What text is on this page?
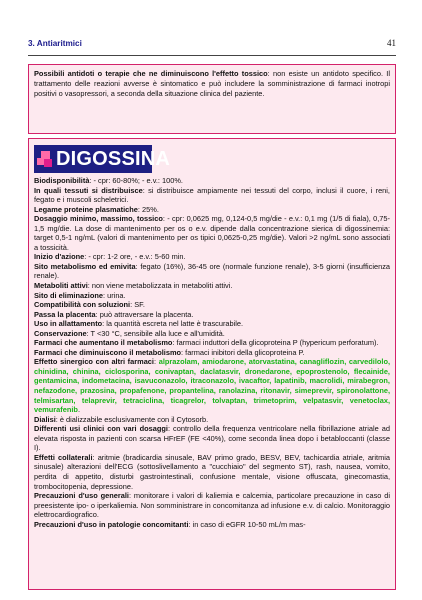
3. Antiaritmici	41
Possibili antidoti o terapie che ne diminuiscono l'effetto tossico: non esiste un antidoto specifico. Il trattamento delle reazioni avverse è sintomatico e può includere la somministrazione di farmaci inotropi positivi o vasopressori, a seconda della situazione clinica del paziente.
DIGOSSINA
Biodisponibilità: - cpr: 60-80%; - e.v.: 100%.
In quali tessuti si distribuisce: si distribuisce ampiamente nei tessuti del corpo, inclusi il cuore, i reni, fegato e i muscoli scheletrici.
Legame proteine plasmatiche: 25%.
Dosaggio minimo, massimo, tossico: - cpr: 0,0625 mg, 0,124-0,5 mg/die - e.v.: 0,1 mg (1/5 di fiala), 0,75-1,5 mg/die. La dose di mantenimento per os o e.v. dipende dalla concentrazione sierica di digossinemia: target 0,5-1 ng/mL (valori di mantenimento per os tipici 0,0625-0,25 mg/die). Valori >2 ng/mL sono associati a tossicità.
Inizio d'azione: - cpr: 1-2 ore, - e.v.: 5-60 min.
Sito metabolismo ed emivita: fegato (16%), 36-45 ore (normale funzione renale), 3-5 giorni (insufficienza renale).
Metaboliti attivi: non viene metabolizzata in metaboliti attivi.
Sito di eliminazione: urina.
Compatibilità con soluzioni: SF.
Passa la placenta: può attraversare la placenta.
Uso in allattamento: la quantità escreta nel latte è trascurabile.
Conservazione: T <30 °C, sensibile alla luce e all'umidità.
Farmaci che aumentano il metabolismo: farmaci induttori della glicoproteina P (hypericum perforatum).
Farmaci che diminuiscono il metabolismo: farmaci inibitori della glicoproteina P.
Effetto sinergico con altri farmaci: alprazolam, amiodarone, atorvastatina, canagliflozin, carvedilolo, chinidina, chinina, ciclosporina, conivaptan, daclatasvir, dronedarone, epoprostenolo, flecainide, gentamicina, indometacina, isavuconazolo, itraconazolo, ivacaftor, lapatinib, macrolidi, mirabegron, nefazodone, prazosina, propafenone, propantelina, ranolazina, ritonavir, simeprevir, spironolattone, telmisartan, telaprevir, tetraciclina, ticagrelor, tolvaptan, trimetoprim, velpatasvir, venetoclax, vemurafenib.
Dialisi: è dializzabile esclusivamente con il Cytosorb.
Differenti usi clinici con vari dosaggi: controllo della frequenza ventricolare nella fibrillazione atriale ad elevata risposta in pazienti con scarsa HFrEF (FE <40%), come seconda linea dopo i betabloccanti (classe I).
Effetti collaterali: aritmie (bradicardia sinusale, BAV primo grado, BESV, BEV, tachicardia atriale, aritmia sinusale) alterazioni dell'ECG (sottoslivellamento a "cucchiaio" del segmento ST), rash, nausea, vomito, perdita di appetito, disturbi gastrointestinali, confusione mentale, visione offuscata, ginecomastia, trombocitopenia, depressione.
Precauzioni d'uso generali: monitorare i valori di kaliemia e calcemia, particolare precauzione in caso di preesistente ipo- o iperkaliemia. Non somministrare in concomitanza ad infusione e.v. di calcio. Monitoraggio elettrocardiografico.
Precauzioni d'uso in patologie concomitanti: in caso di eGFR 10-50 mL/m mas-
